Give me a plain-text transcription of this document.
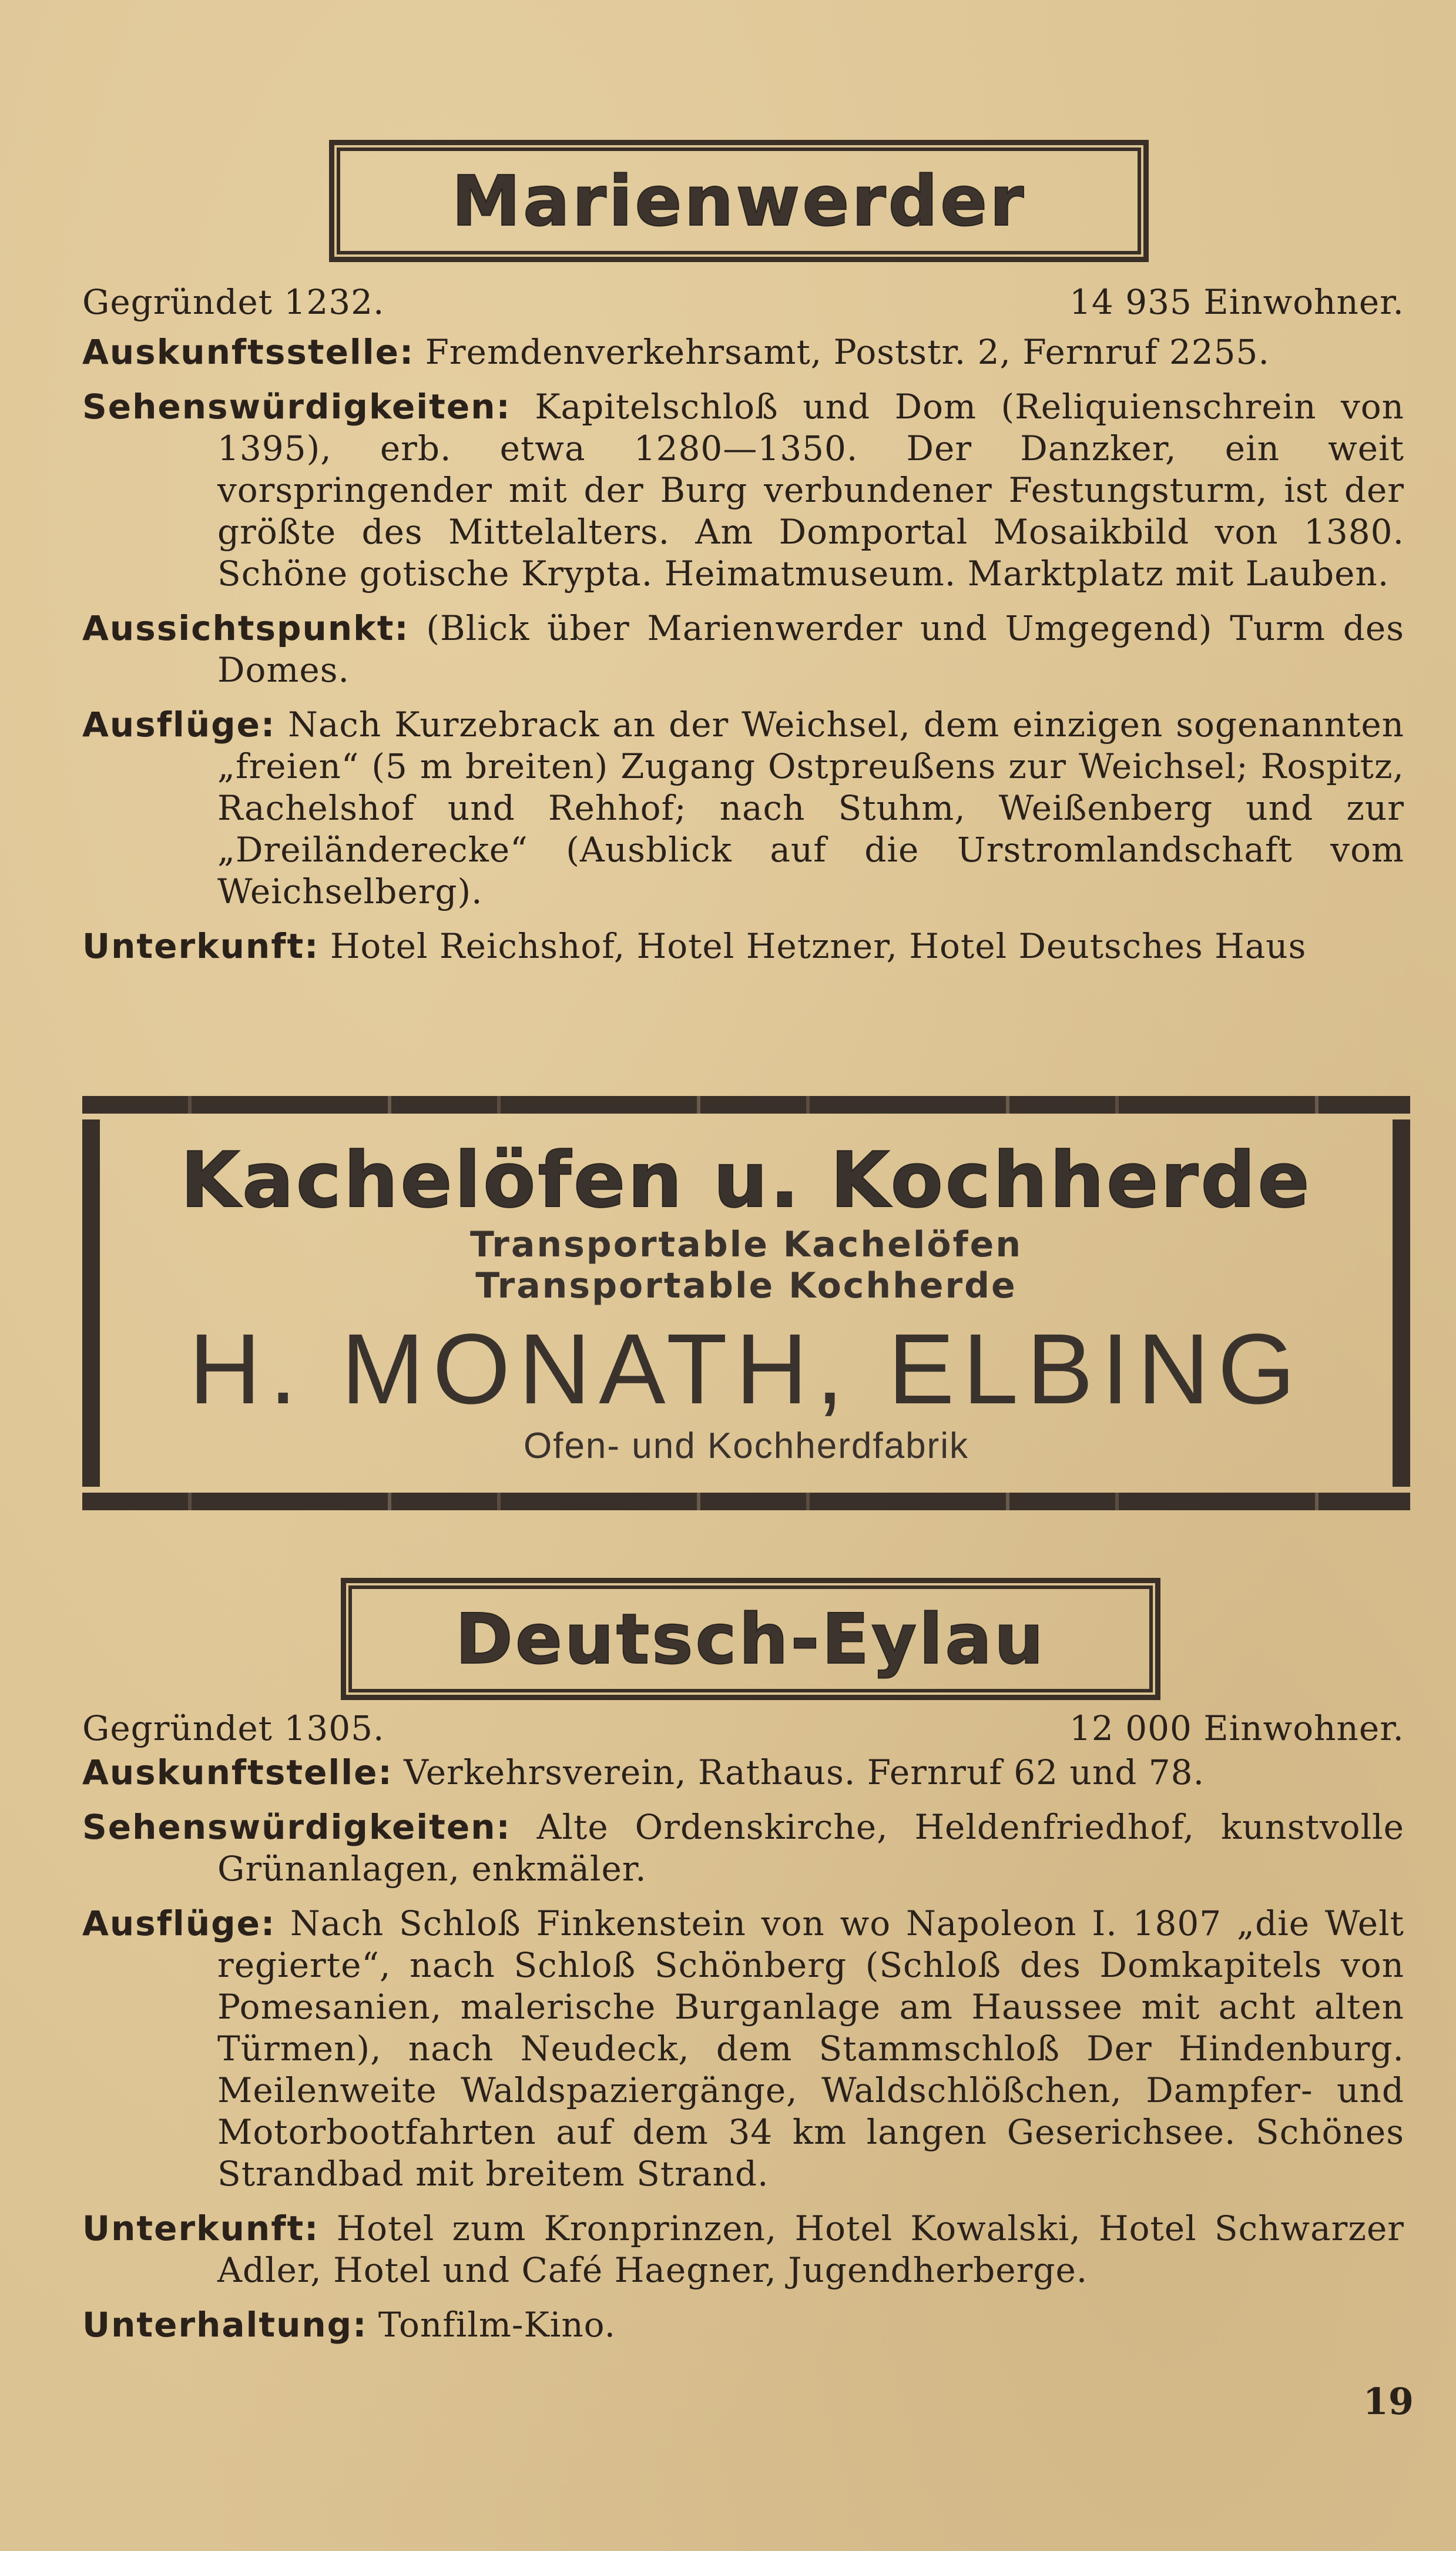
Marienwerder
Gegründet 1232.	14 935 Einwohner.

Auskunftsstelle: Fremdenverkehrsamt, Poststr. 2, Fernruf 2255.

Sehenswürdigkeiten: Kapitelschloß und Dom (Reliquienschrein von 1395), erb. etwa 1280—1350. Der Danzker, ein weit vorspringender mit der Burg verbundener Festungsturm, ist der größte des Mittelalters. Am Domportal Mosaikbild von 1380. Schöne gotische Krypta. Heimatmuseum. Marktplatz mit Lauben.

Aussichtspunkt: (Blick über Marienwerder und Umgegend) Turm des Domes.

Ausflüge: Nach Kurzebrack an der Weichsel, dem einzigen sogenannten „freien“ (5 m breiten) Zugang Ostpreußens zur Weichsel; Rospitz, Rachelshof und Rehhof; nach Stuhm, Weißenberg und zur „Dreiländerecke“ (Ausblick auf die Urstromlandschaft vom Weichselberg).

Unterkunft: Hotel Reichshof, Hotel Hetzner, Hotel Deutsches Haus

Kachelöfen u. Kochherde
Transportable Kachelöfen
Transportable Kochherde
H. MONATH, ELBING
Ofen- und Kochherdfabrik
Deutsch-Eylau
Gegründet 1305.	12 000 Einwohner.

Auskunftstelle: Verkehrsverein, Rathaus. Fernruf 62 und 78.

Sehenswürdigkeiten: Alte Ordenskirche, Heldenfriedhof, kunstvolle Grünanlagen, enkmäler.

Ausflüge: Nach Schloß Finkenstein von wo Napoleon I. 1807 „die Welt regierte“, nach Schloß Schönberg (Schloß des Domkapitels von Pomesanien, malerische Burganlage am Haussee mit acht alten Türmen), nach Neudeck, dem Stammschloß Der Hindenburg. Meilenweite Waldspaziergänge, Waldschlößchen, Dampfer- und Motorbootfahrten auf dem 34 km langen Geserichsee. Schönes Strandbad mit breitem Strand.

Unterkunft: Hotel zum Kronprinzen, Hotel Kowalski, Hotel Schwarzer Adler, Hotel und Café Haegner, Jugendherberge.

Unterhaltung: Tonfilm-Kino.

19
